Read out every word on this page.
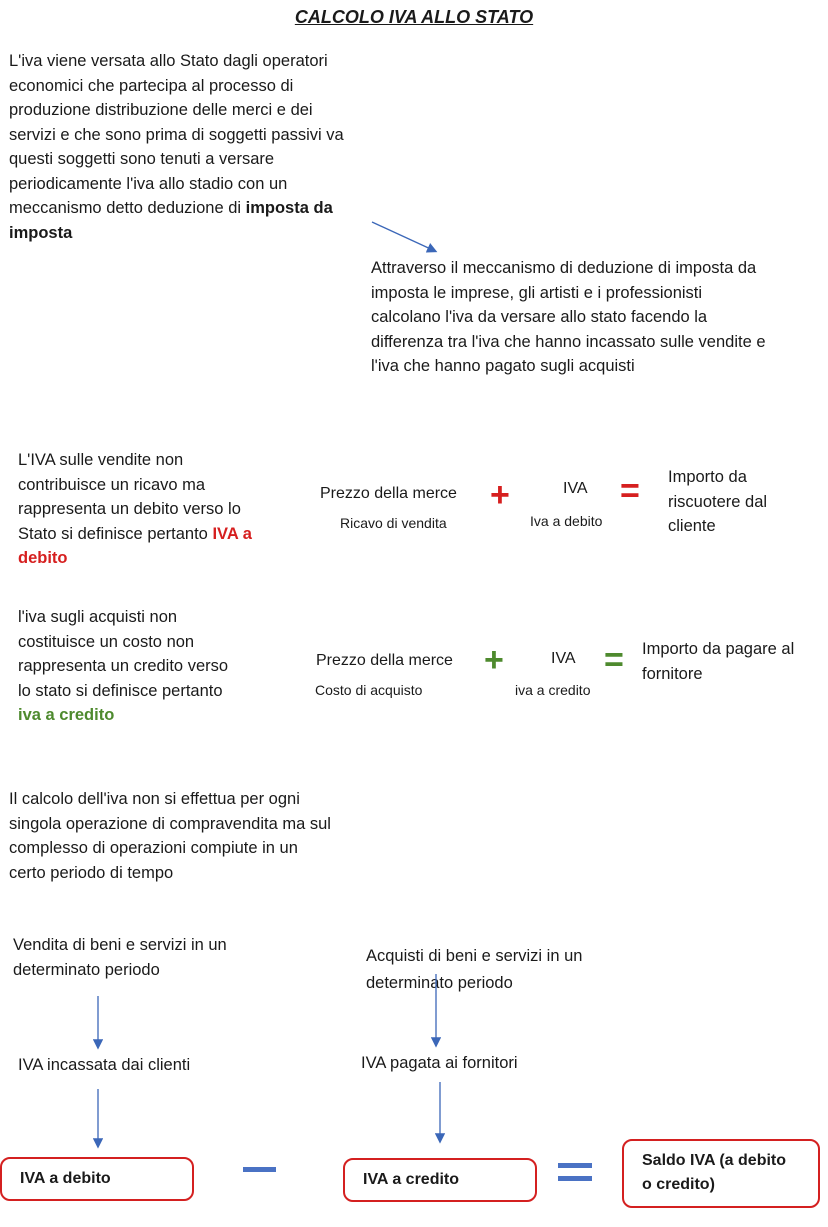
CALCOLO IVA ALLO STATO
L'iva viene versata allo Stato dagli operatori
economici che partecipa al processo di
produzione distribuzione delle merci e dei
servizi e che sono prima di soggetti passivi va
questi soggetti sono tenuti a versare
periodicamente l'iva allo stadio con un
meccanismo detto deduzione di imposta da imposta
Attraverso il meccanismo di deduzione di imposta da
imposta le imprese, gli artisti e i professionisti
calcolano l'iva da versare allo stato facendo la
differenza tra l'iva che hanno incassato sulle vendite e
l'iva che hanno pagato sugli acquisti
L'IVA sulle vendite non
contribuisce un ricavo ma
rappresenta un debito verso lo
Stato si definisce pertanto IVA a debito
Prezzo della merce
Ricavo di vendita
+	IVA
Iva a debito
= Importo da
riscuotere dal
cliente
l'iva sugli acquisti non
costituisce un costo non
rappresenta un credito verso
lo stato si definisce pertanto
iva a credito
Prezzo della merce
Costo di acquisto
+	IVA
iva a credito
= Importo da pagare al
fornitore
Il calcolo dell'iva non si effettua per ogni
singola operazione di compravendita ma sul
complesso di operazioni compiute in un
certo periodo di tempo
Vendita di beni e servizi in un
determinato periodo
IVA incassata dai clienti
IVA a debito
Acquisti di beni e servizi in un
determinato periodo
IVA pagata ai fornitori
IVA a credito
Saldo IVA (a debito
o credito)
